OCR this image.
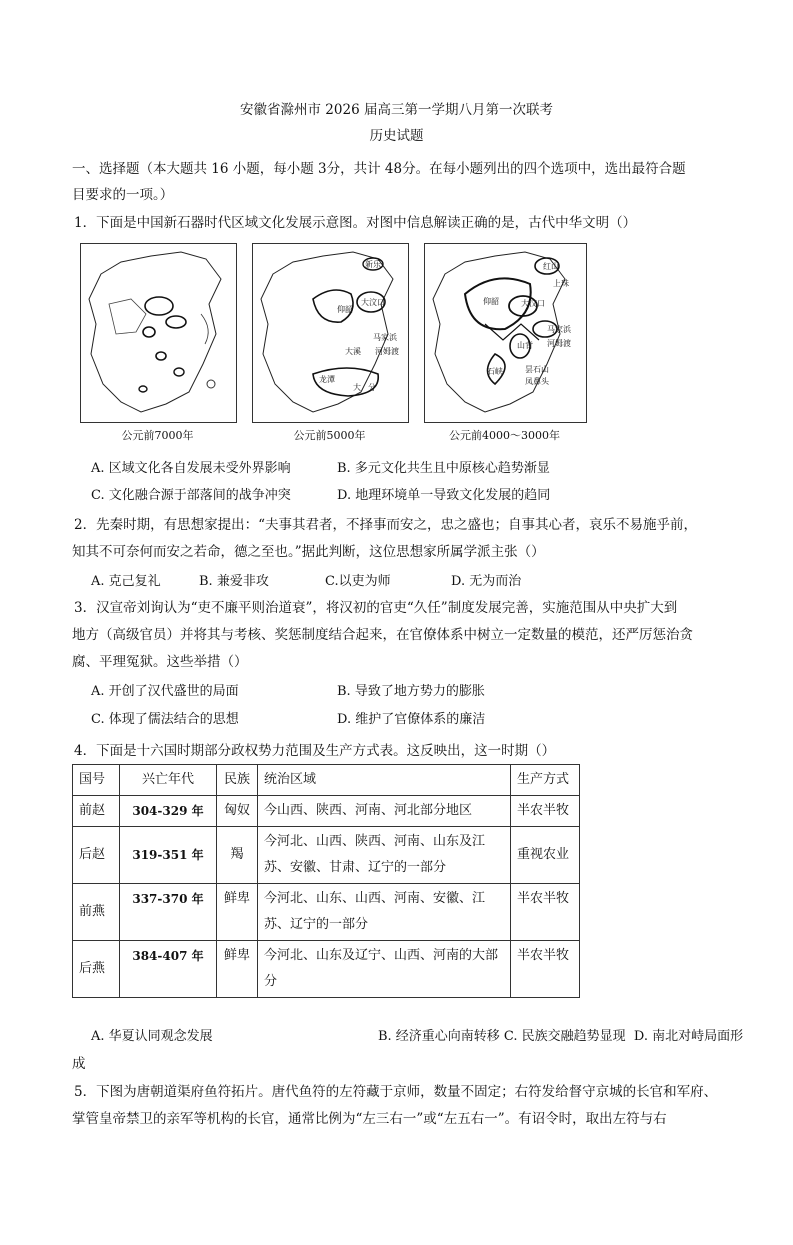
安徽省滁州市 2026 届高三第一学期八月第一次联考
历史试题
一、选择题（本大题共 16 小题，每小题 3分，共计 48分。在每小题列出的四个选项中，选出最符合题
目要求的一项。）
1．下面是中国新石器时代区域文化发展示意图。对图中信息解读正确的是，古代中华文明（）
公元前7000年
新乐
仰韶
大汶口
马家浜
大溪 河姆渡
龙潭
大 分
公元前5000年
红山
上珠
仰韶	大汶口
马家浜
山背 河姆渡
石峡	昙石山
凤鼻头
公元前4000～3000年
A. 区域文化各自发展未受外界影响	B. 多元文化共生且中原核心趋势渐显
C. 文化融合源于部落间的战争冲突	D. 地理环境单一导致文化发展的趋同
2．先秦时期，有思想家提出：“夫事其君者，不择事而安之，忠之盛也；自事其心者，哀乐不易施乎前，
知其不可奈何而安之若命，德之至也。”据此判断，这位思想家所属学派主张（）
A. 克己复礼	B. 兼爱非攻	C.以吏为师	D. 无为而治
3．汉宣帝刘询认为“吏不廉平则治道衰”，将汉初的官吏“久任”制度发展完善，实施范围从中央扩大到
地方（高级官员）并将其与考核、奖惩制度结合起来，在官僚体系中树立一定数量的模范，还严厉惩治贪
腐、平理冤狱。这些举措（）
A. 开创了汉代盛世的局面	B. 导致了地方势力的膨胀
C. 体现了儒法结合的思想	D. 维护了官僚体系的廉洁
4．下面是十六国时期部分政权势力范围及生产方式表。这反映出，这一时期（）
国号	兴亡年代	民族	统治区域	生产方式
前赵	304-329 年	匈奴	今山西、陕西、河南、河北部分地区	半农半牧
后赵	319-351 年	羯	今河北、山西、陕西、河南、山东及江苏、安徽、甘肃、辽宁的一部分	重视农业
前燕	337-370 年	鲜卑	今河北、山东、山西、河南、安徽、江苏、辽宁的一部分	半农半牧
后燕	384-407 年	鲜卑	今河北、山东及辽宁、山西、河南的大部分	半农半牧
A. 华夏认同观念发展                                        B. 经济重心向南转移 C. 民族交融趋势显现  D. 南北对峙局面形
成
5．下图为唐朝道渠府鱼符拓片。唐代鱼符的左符藏于京师，数量不固定；右符发给督守京城的长官和军府、
掌管皇帝禁卫的亲军等机构的长官，通常比例为“左三右一”或“左五右一”。有诏令时，取出左符与右
